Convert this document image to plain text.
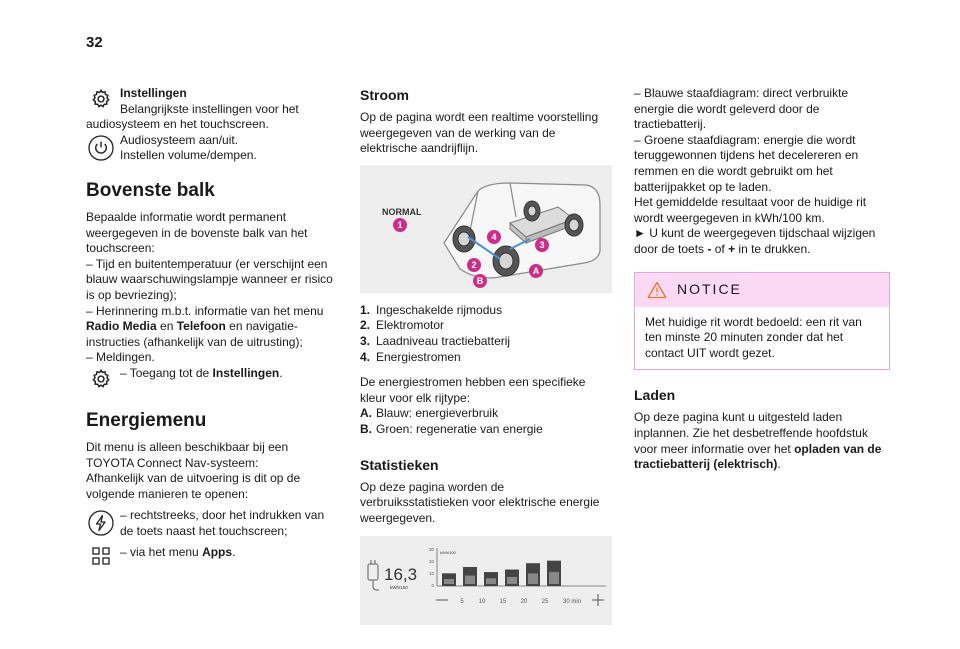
32

Instellingen

Belangrijkste instellingen voor het audiosysteem en het touchscreen.

Audiosysteem aan/uit.

Instellen volume/dempen.

Bovenste balk

Bepaalde informatie wordt permanent weergegeven in de bovenste balk van het touchscreen:

– Tijd en buitentemperatuur (er verschijnt een blauw waarschuwingslampje wanneer er risico is op bevriezing);

– Herinnering m.b.t. informatie van het menu Radio Media en Telefoon en navigatie-instructies (afhankelijk van de uitrusting);

– Meldingen.

– Toegang tot de Instellingen.

Energiemenu

Dit menu is alleen beschikbaar bij een TOYOTA Connect Nav-systeem:

Afhankelijk van de uitvoering is dit op de volgende manieren te openen:

– rechtstreeks, door het indrukken van de toets naast het touchscreen;

– via het menu Apps.

Stroom

Op de pagina wordt een realtime voorstelling weergegeven van de werking van de elektrische aandrijflijn.

NORMAL
1
2
3
4
A
B
1. Ingeschakelde rijmodus
2. Elektromotor
3. Laadniveau tractiebatterij
4. Energiestromen

De energiestromen hebben een specifieke kleur voor elk rijtype:

A. Blauw: energieverbruik
B. Groen: regeneratie van energie
Statistieken

Op deze pagina worden de verbruiksstatistieken voor elektrische energie weergegeven.

16,3
kWh/100
30
20
10
0
kWh/100
5 10 15 20 25 30 min

– Blauwe staafdiagram: direct verbruikte energie die wordt geleverd door de tractiebatterij.

– Groene staafdiagram: energie die wordt teruggewonnen tijdens het decelereren en remmen en die wordt gebruikt om het batterijpakket op te laden.

Het gemiddelde resultaat voor de huidige rit wordt weergegeven in kWh/100 km.

► U kunt de weergegeven tijdschaal wijzigen door de toets - of + in te drukken.

NOTICE

Met huidige rit wordt bedoeld: een rit van ten minste 20 minuten zonder dat het contact UIT wordt gezet.

Laden

Op deze pagina kunt u uitgesteld laden inplannen. Zie het desbetreffende hoofdstuk voor meer informatie over het opladen van de tractiebatterij (elektrisch).
